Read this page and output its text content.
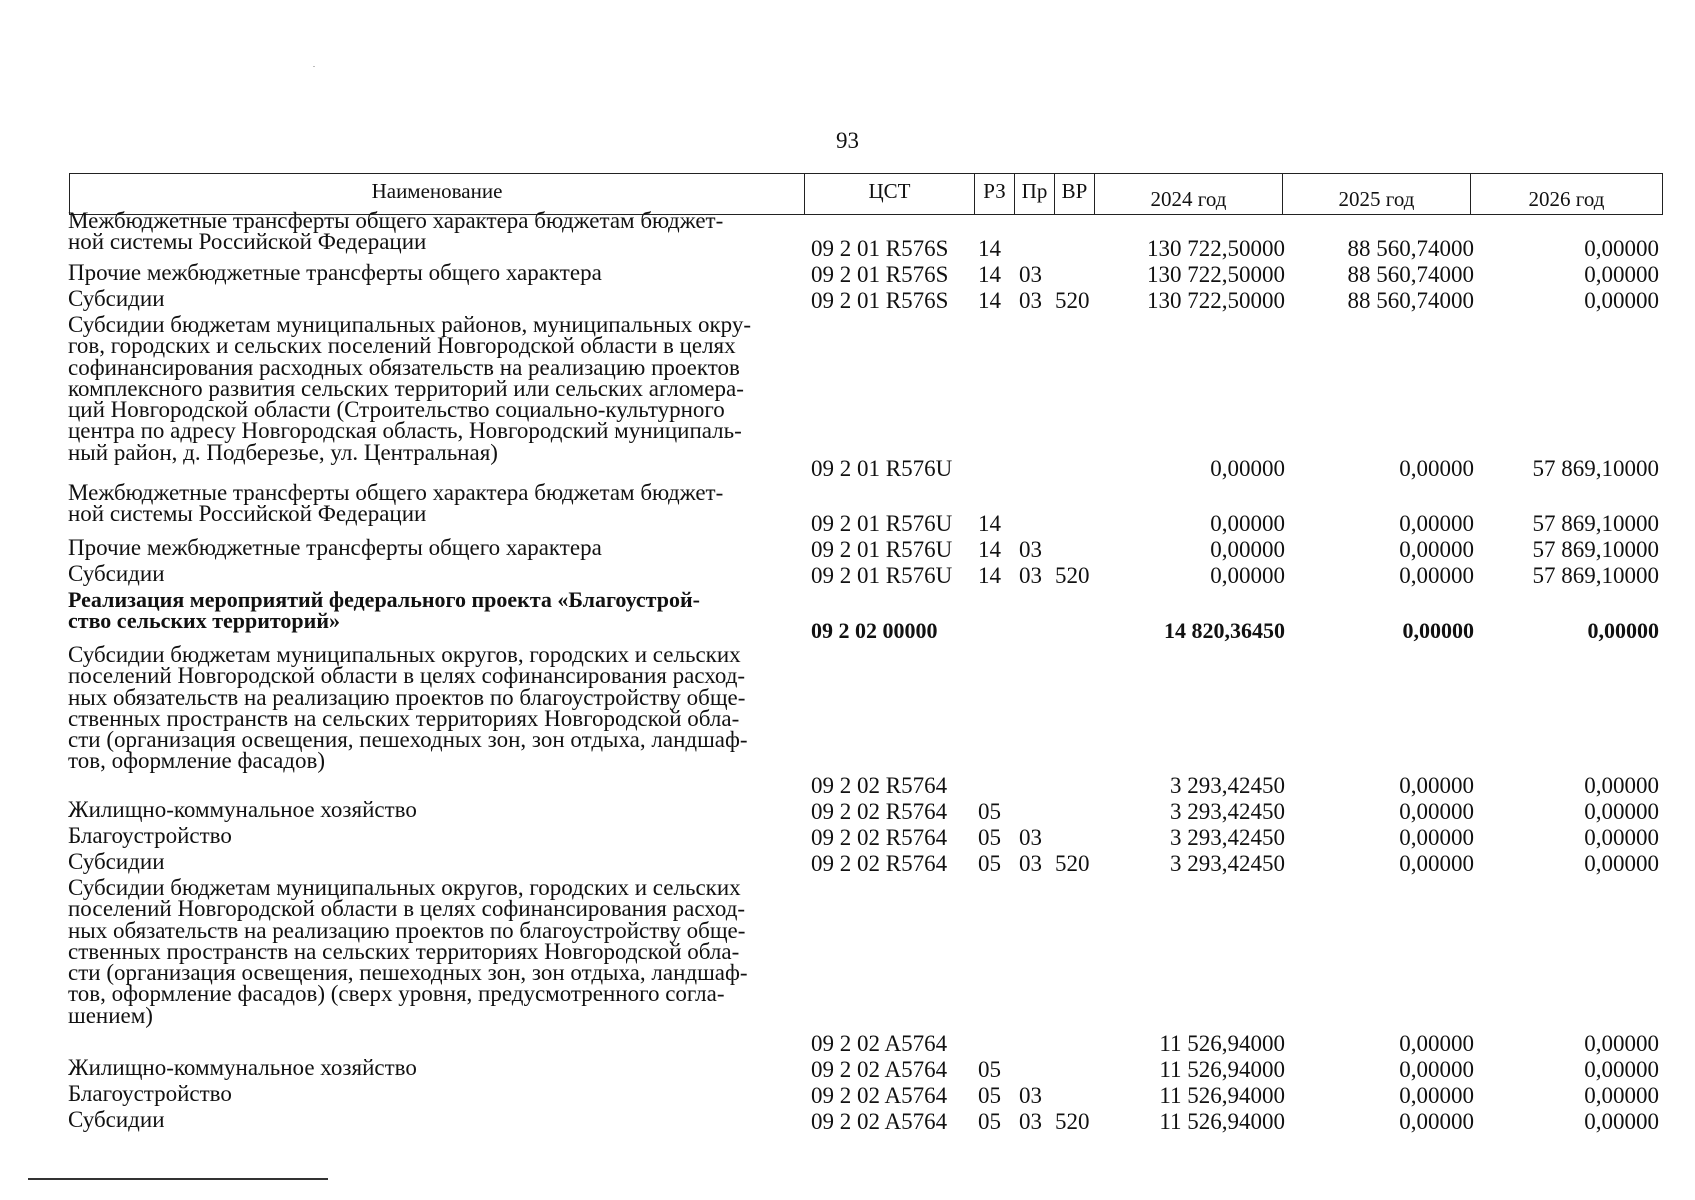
93
Наименование	ЦСТ	РЗ Пр ВР	2024 год	2025 год	2026 год
Межбюджетные трансферты общего характера бюджетам бюджет-
ной системы Российской Федерации	09 2 01 R576S 14	130 722,50000	88 560,74000	0,00000
Прочие межбюджетные трансферты общего характера	09 2 01 R576S 14 03	130 722,50000	88 560,74000	0,00000
Субсидии	09 2 01 R576S 14 03 520	130 722,50000	88 560,74000	0,00000
Субсидии бюджетам муниципальных районов, муниципальных окру-
гов, городских и сельских поселений Новгородской области в целях
софинансирования расходных обязательств на реализацию проектов
комплексного развития сельских территорий или сельских агломера-
ций Новгородской области (Строительство социально-культурного
центра по адресу Новгородская область, Новгородский муниципаль-
ный район, д. Подберезье, ул. Центральная)
09 2 01 R576U	0,00000	0,00000	57 869,10000
Межбюджетные трансферты общего характера бюджетам бюджет-
ной системы Российской Федерации	09 2 01 R576U 14	0,00000	0,00000	57 869,10000
Прочие межбюджетные трансферты общего характера	09 2 01 R576U 14 03	0,00000	0,00000	57 869,10000
Субсидии	09 2 01 R576U 14 03 520	0,00000	0,00000	57 869,10000
Реализация мероприятий федерального проекта «Благоустрой-
ство сельских территорий»	09 2 02 00000	14 820,36450	0,00000	0,00000
Субсидии бюджетам муниципальных округов, городских и сельских
поселений Новгородской области в целях софинансирования расход-
ных обязательств на реализацию проектов по благоустройству обще-
ственных пространств на сельских территориях Новгородской обла-
сти (организация освещения, пешеходных зон, зон отдыха, ландшаф-
тов, оформление фасадов)
09 2 02 R5764	3 293,42450	0,00000	0,00000
Жилищно-коммунальное хозяйство	09 2 02 R5764 05	3 293,42450	0,00000	0,00000
Благоустройство	09 2 02 R5764 05 03	3 293,42450	0,00000	0,00000
Субсидии	09 2 02 R5764 05 03 520	3 293,42450	0,00000	0,00000
Субсидии бюджетам муниципальных округов, городских и сельских
поселений Новгородской области в целях софинансирования расход-
ных обязательств на реализацию проектов по благоустройству обще-
ственных пространств на сельских территориях Новгородской обла-
сти (организация освещения, пешеходных зон, зон отдыха, ландшаф-
тов, оформление фасадов) (сверх уровня, предусмотренного согла-
шением)
09 2 02 A5764	11 526,94000	0,00000	0,00000
Жилищно-коммунальное хозяйство	09 2 02 A5764 05	11 526,94000	0,00000	0,00000
Благоустройство	09 2 02 A5764 05 03	11 526,94000	0,00000	0,00000
Субсидии	09 2 02 A5764 05 03 520	11 526,94000	0,00000	0,00000
